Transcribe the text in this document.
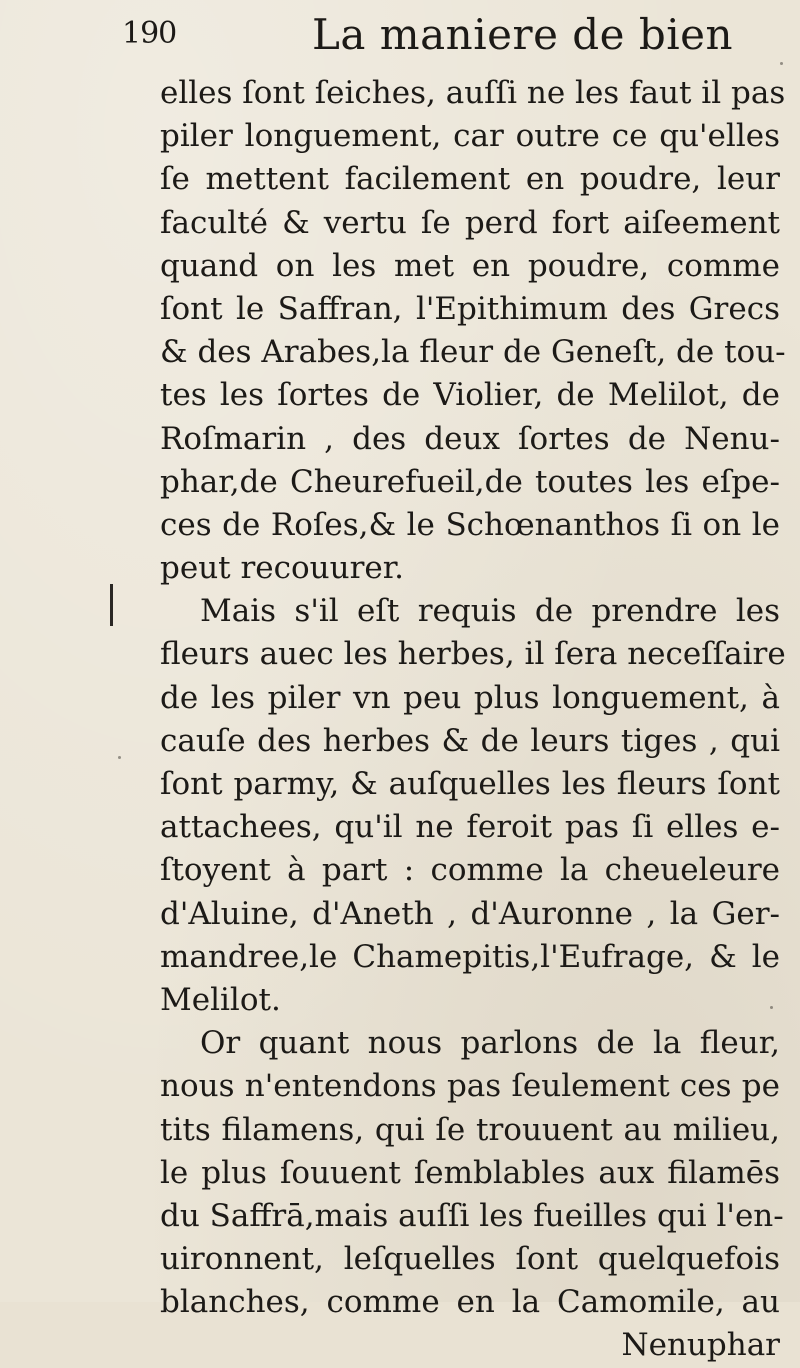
190	La maniere de bien
elles ſont ſeiches, auſſi ne les faut il pas
piler longuement, car outre ce qu'elles
ſe mettent facilement en poudre, leur
faculté & vertu ſe perd fort aiſeement
quand on les met en poudre, comme
ſont le Saffran, l'Epithimum des Grecs
& des Arabes,la fleur de Geneſt, de tou-
tes les ſortes de Violier, de Melilot, de
Roſmarin , des deux ſortes de Nenu-
phar,de Cheurefueil,de toutes les eſpe-
ces de Roſes,& le Schœnanthos ſi on le
peut recouurer.
Mais s'il eſt requis de prendre les
fleurs auec les herbes, il ſera neceſſaire
de les piler vn peu plus longuement, à
cauſe des herbes & de leurs tiges , qui
ſont parmy, & auſquelles les fleurs ſont
attachees, qu'il ne feroit pas ſi elles e-
ſtoyent à part : comme la cheueleure
d'Aluine, d'Aneth , d'Auronne , la Ger-
mandree,le Chamepitis,l'Eufrage, & le
Melilot.
Or quant nous parlons de la fleur,
nous n'entendons pas ſeulement ces pe
tits filamens, qui ſe trouuent au milieu,
le plus ſouuent ſemblables aux filamēs
du Saffrā,mais auſſi les fueilles qui l'en-
uironnent, leſquelles ſont quelquefois
blanches, comme en la Camomile, au
Nenuphar
